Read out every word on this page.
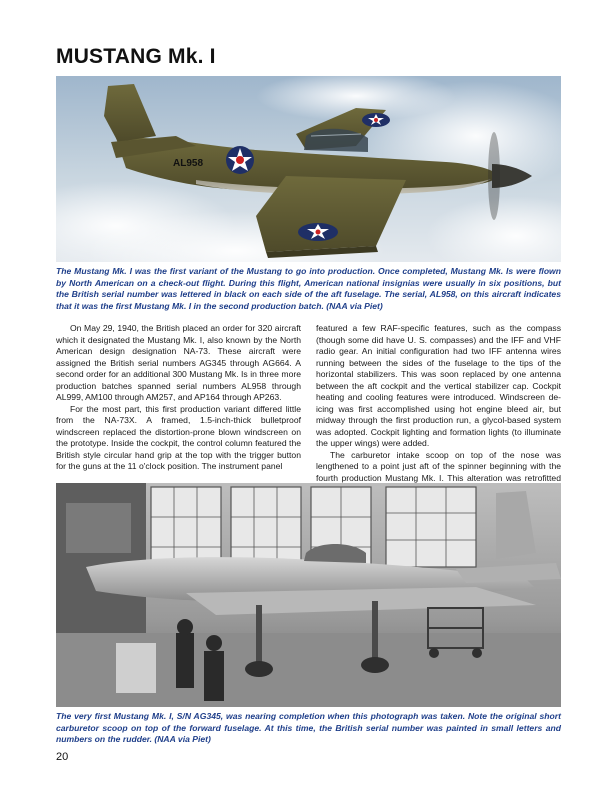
MUSTANG Mk. I
AL958
The Mustang Mk. I was the first variant of the Mustang to go into production. Once completed, Mustang Mk. Is were flown by North American on a check-out flight. During this flight, American national insignias were usually in six positions, but the British serial number was lettered in black on each side of the aft fuselage. The serial, AL958, on this aircraft indicates that it was the first Mustang Mk. I in the second production batch. (NAA via Piet)

On May 29, 1940, the British placed an order for 320 aircraft which it designated the Mustang Mk. I, also known by the North American design designation NA-73. These aircraft were assigned the British serial numbers AG345 through AG664. A second order for an additional 300 Mustang Mk. Is in three more production batches spanned serial numbers AL958 through AL999, AM100 through AM257, and AP164 through AP263.

For the most part, this first production variant differed little from the NA-73X. A framed, 1.5-inch-thick bulletproof windscreen replaced the distortion-prone blown windscreen on the prototype. Inside the cockpit, the control column featured the British style circular hand grip at the top with the trigger button for the guns at the 11 o'clock position. The instrument panel

featured a few RAF-specific features, such as the compass (though some did have U. S. compasses) and the IFF and VHF radio gear. An initial configuration had two IFF antenna wires running between the sides of the fuselage to the tips of the horizontal stabilizers. This was soon replaced by one antenna between the aft cockpit and the vertical stabilizer cap. Cockpit heating and cooling features were introduced. Windscreen de-icing was first accomplished using hot engine bleed air, but midway through the first production run, a glycol-based system was adopted. Cockpit lighting and formation lights (to illuminate the upper wings) were added.

The carburetor intake scoop on top of the nose was lengthened to a point just aft of the spinner beginning with the fourth production Mustang Mk. I. This alteration was retrofitted

The very first Mustang Mk. I, S/N AG345, was nearing completion when this photograph was taken. Note the original short carburetor scoop on top of the forward fuselage. At this time, the British serial number was painted in small letters and numbers on the rudder. (NAA via Piet)
20
